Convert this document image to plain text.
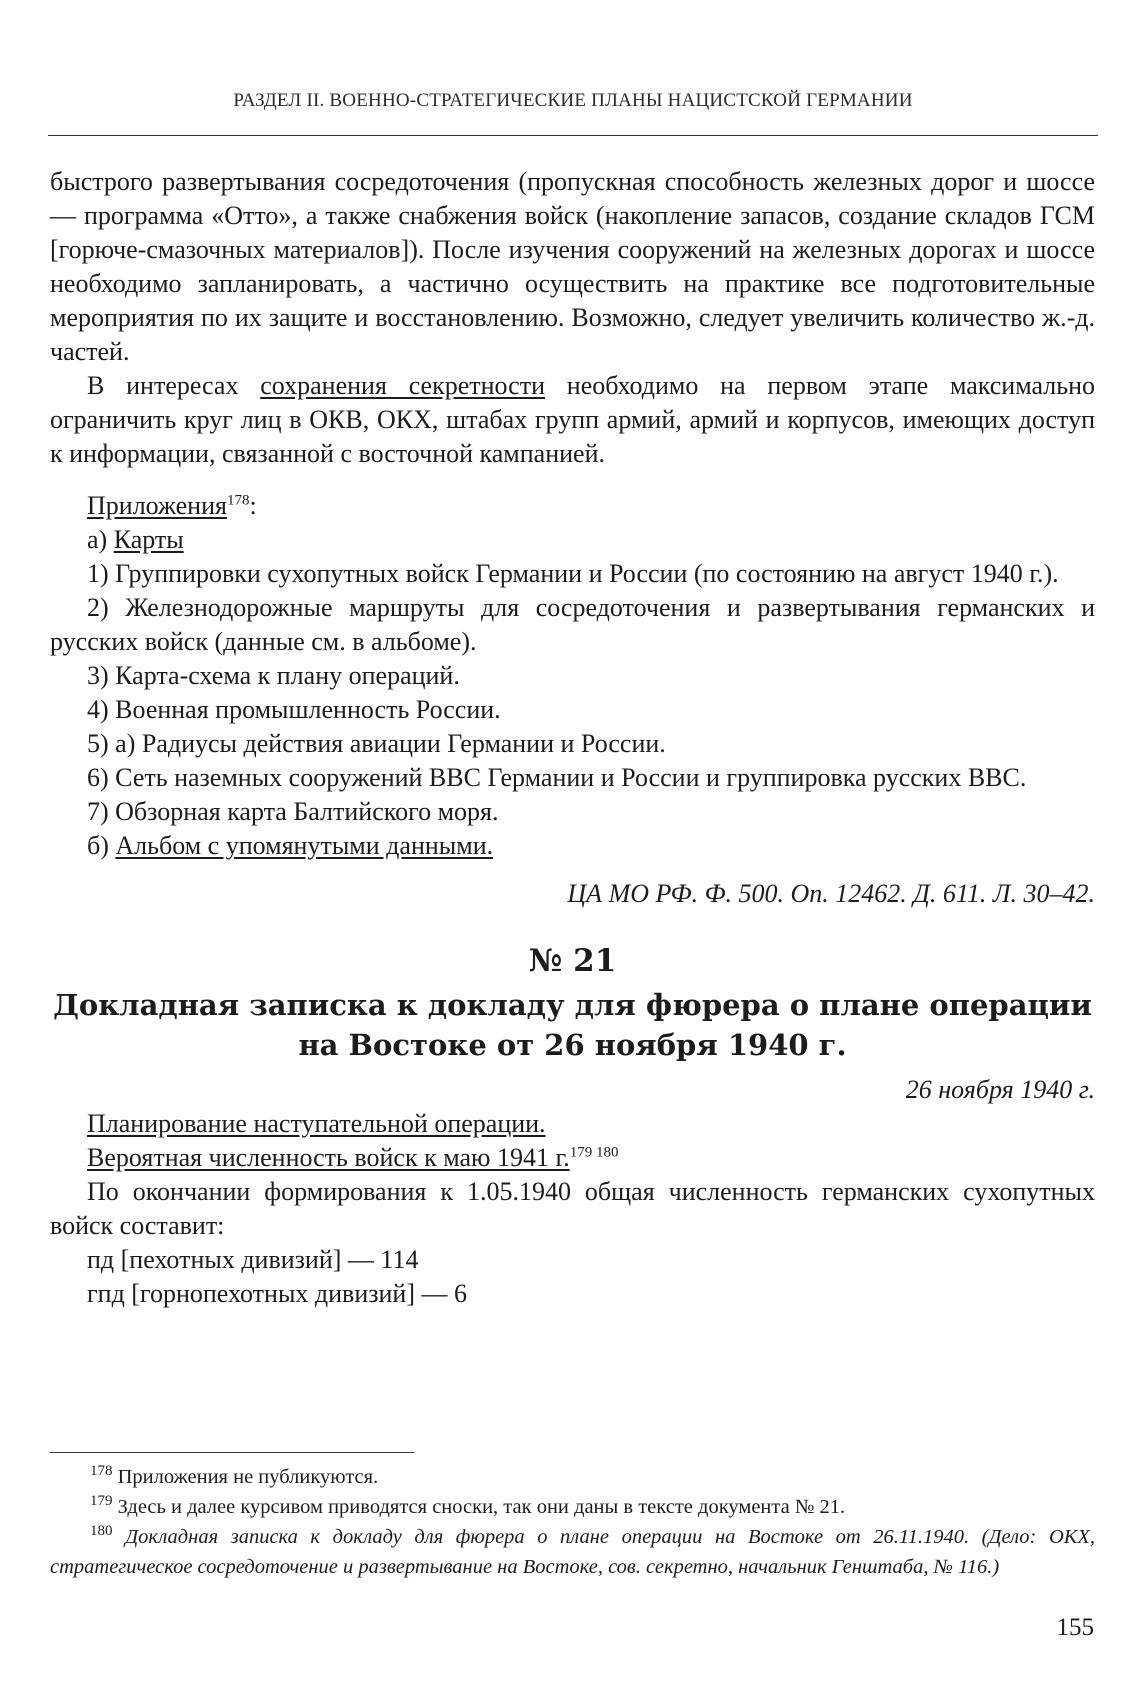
РАЗДЕЛ II. ВОЕННО-СТРАТЕГИЧЕСКИЕ ПЛАНЫ НАЦИСТСКОЙ ГЕРМАНИИ

быстрого развертывания сосредоточения (пропускная способность железных дорог и шоссе — программа «Отто», а также снабжения войск (накопление запасов, создание складов ГСМ [горюче-смазочных материалов]). После изучения сооружений на железных дорогах и шоссе необходимо запланировать, а частично осуществить на практике все подготовительные мероприятия по их защите и восстановлению. Возможно, следует увеличить количество ж.-д. частей.

В интересах сохранения секретности необходимо на первом этапе максимально ограничить круг лиц в ОКВ, ОКХ, штабах групп армий, армий и корпусов, имеющих доступ к информации, связанной с восточной кампанией.

Приложения$^{178}$:

а) Карты

1) Группировки сухопутных войск Германии и России (по состоянию на август 1940 г.).

2) Железнодорожные маршруты для сосредоточения и развертывания германских и русских войск (данные см. в альбоме).

3) Карта-схема к плану операций.

4) Военная промышленность России.

5) а) Радиусы действия авиации Германии и России.

6) Сеть наземных сооружений ВВС Германии и России и группировка русских ВВС.

7) Обзорная карта Балтийского моря.

б) Альбом с упомянутыми данными.

ЦА МО РФ. Ф. 500. Оп. 12462. Д. 611. Л. 30–42.

№ 21

Докладная записка к докладу для фюрера о плане операции на Востоке от 26 ноября 1940 г.

26 ноября 1940 г.

Планирование наступательной операции.

Вероятная численность войск к маю 1941 г.$^{179 180}$

По окончании формирования к 1.05.1940 общая численность германских сухопутных войск составит:

пд [пехотных дивизий] — 114

гпд [горнопехотных дивизий] — 6

$^{178}$ Приложения не публикуются.

$^{179}$ Здесь и далее курсивом приводятся сноски, так они даны в тексте документа № 21.

$^{180}$ Докладная записка к докладу для фюрера о плане операции на Востоке от 26.11.1940. (Дело: ОКХ, стратегическое сосредоточение и развертывание на Востоке, сов. секретно, начальник Генштаба, № 116.)

155
